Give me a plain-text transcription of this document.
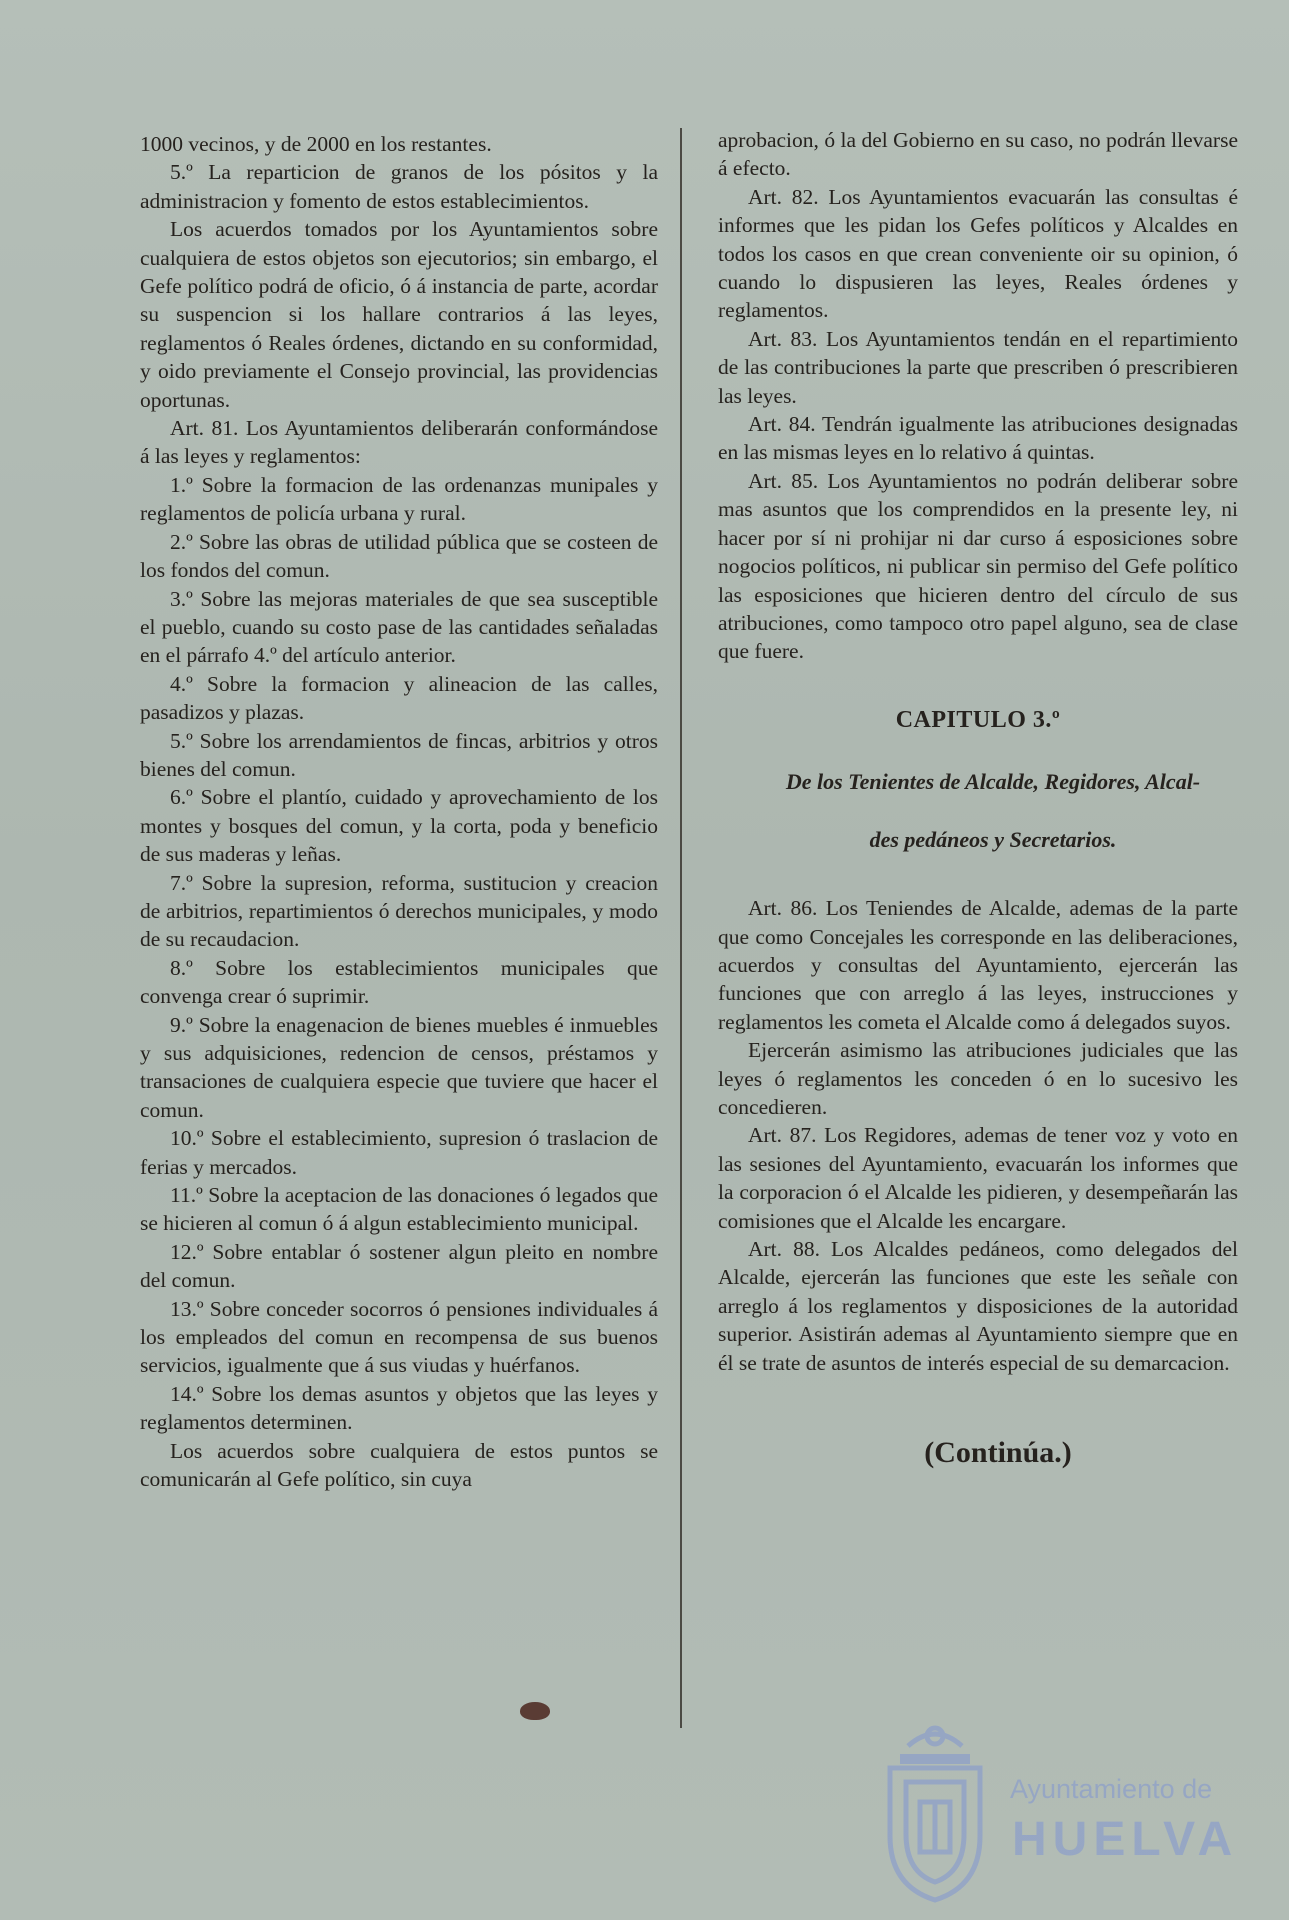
1000 vecinos, y de 2000 en los restantes.

5.º La reparticion de granos de los pósitos y la administracion y fomento de estos establecimientos.

Los acuerdos tomados por los Ayuntamientos sobre cualquiera de estos objetos son ejecutorios; sin embargo, el Gefe político podrá de oficio, ó á instancia de parte, acordar su suspencion si los hallare contrarios á las leyes, reglamentos ó Reales órdenes, dictando en su conformidad, y oido previamente el Consejo provincial, las providencias oportunas.

Art. 81. Los Ayuntamientos deliberarán conformándose á las leyes y reglamentos:

1.º Sobre la formacion de las ordenanzas munipales y reglamentos de policía urbana y rural.

2.º Sobre las obras de utilidad pública que se costeen de los fondos del comun.

3.º Sobre las mejoras materiales de que sea susceptible el pueblo, cuando su costo pase de las cantidades señaladas en el párrafo 4.º del artículo anterior.

4.º Sobre la formacion y alineacion de las calles, pasadizos y plazas.

5.º Sobre los arrendamientos de fincas, arbitrios y otros bienes del comun.

6.º Sobre el plantío, cuidado y aprovechamiento de los montes y bosques del comun, y la corta, poda y beneficio de sus maderas y leñas.

7.º Sobre la supresion, reforma, sustitucion y creacion de arbitrios, repartimientos ó derechos municipales, y modo de su recaudacion.

8.º Sobre los establecimientos municipales que convenga crear ó suprimir.

9.º Sobre la enagenacion de bienes muebles é inmuebles y sus adquisiciones, redencion de censos, préstamos y transaciones de cualquiera especie que tuviere que hacer el comun.

10.º Sobre el establecimiento, supresion ó traslacion de ferias y mercados.

11.º Sobre la aceptacion de las donaciones ó legados que se hicieren al comun ó á algun establecimiento municipal.

12.º Sobre entablar ó sostener algun pleito en nombre del comun.

13.º Sobre conceder socorros ó pensiones individuales á los empleados del comun en recompensa de sus buenos servicios, igualmente que á sus viudas y huérfanos.

14.º Sobre los demas asuntos y objetos que las leyes y reglamentos determinen.

Los acuerdos sobre cualquiera de estos puntos se comunicarán al Gefe político, sin cuya

aprobacion, ó la del Gobierno en su caso, no podrán llevarse á efecto.

Art. 82. Los Ayuntamientos evacuarán las consultas é informes que les pidan los Gefes políticos y Alcaldes en todos los casos en que crean conveniente oir su opinion, ó cuando lo dispusieren las leyes, Reales órdenes y reglamentos.

Art. 83. Los Ayuntamientos tendán en el repartimiento de las contribuciones la parte que prescriben ó prescribieren las leyes.

Art. 84. Tendrán igualmente las atribuciones designadas en las mismas leyes en lo relativo á quintas.

Art. 85. Los Ayuntamientos no podrán deliberar sobre mas asuntos que los comprendidos en la presente ley, ni hacer por sí ni prohijar ni dar curso á esposiciones sobre nogocios políticos, ni publicar sin permiso del Gefe político las esposiciones que hicieren dentro del círculo de sus atribuciones, como tampoco otro papel alguno, sea de clase que fuere.

CAPITULO 3.º

De los Tenientes de Alcalde, Regidores, Alcal-

des pedáneos y Secretarios.

Art. 86. Los Teniendes de Alcalde, ademas de la parte que como Concejales les corresponde en las deliberaciones, acuerdos y consultas del Ayuntamiento, ejercerán las funciones que con arreglo á las leyes, instrucciones y reglamentos les cometa el Alcalde como á delegados suyos.

Ejercerán asimismo las atribuciones judiciales que las leyes ó reglamentos les conceden ó en lo sucesivo les concedieren.

Art. 87. Los Regidores, ademas de tener voz y voto en las sesiones del Ayuntamiento, evacuarán los informes que la corporacion ó el Alcalde les pidieren, y desempeñarán las comisiones que el Alcalde les encargare.

Art. 88. Los Alcaldes pedáneos, como delegados del Alcalde, ejercerán las funciones que este les señale con arreglo á los reglamentos y disposiciones de la autoridad superior. Asistirán ademas al Ayuntamiento siempre que en él se trate de asuntos de interés especial de su demarcacion.

(Continúa.)
Ayuntamiento de
HUELVA
